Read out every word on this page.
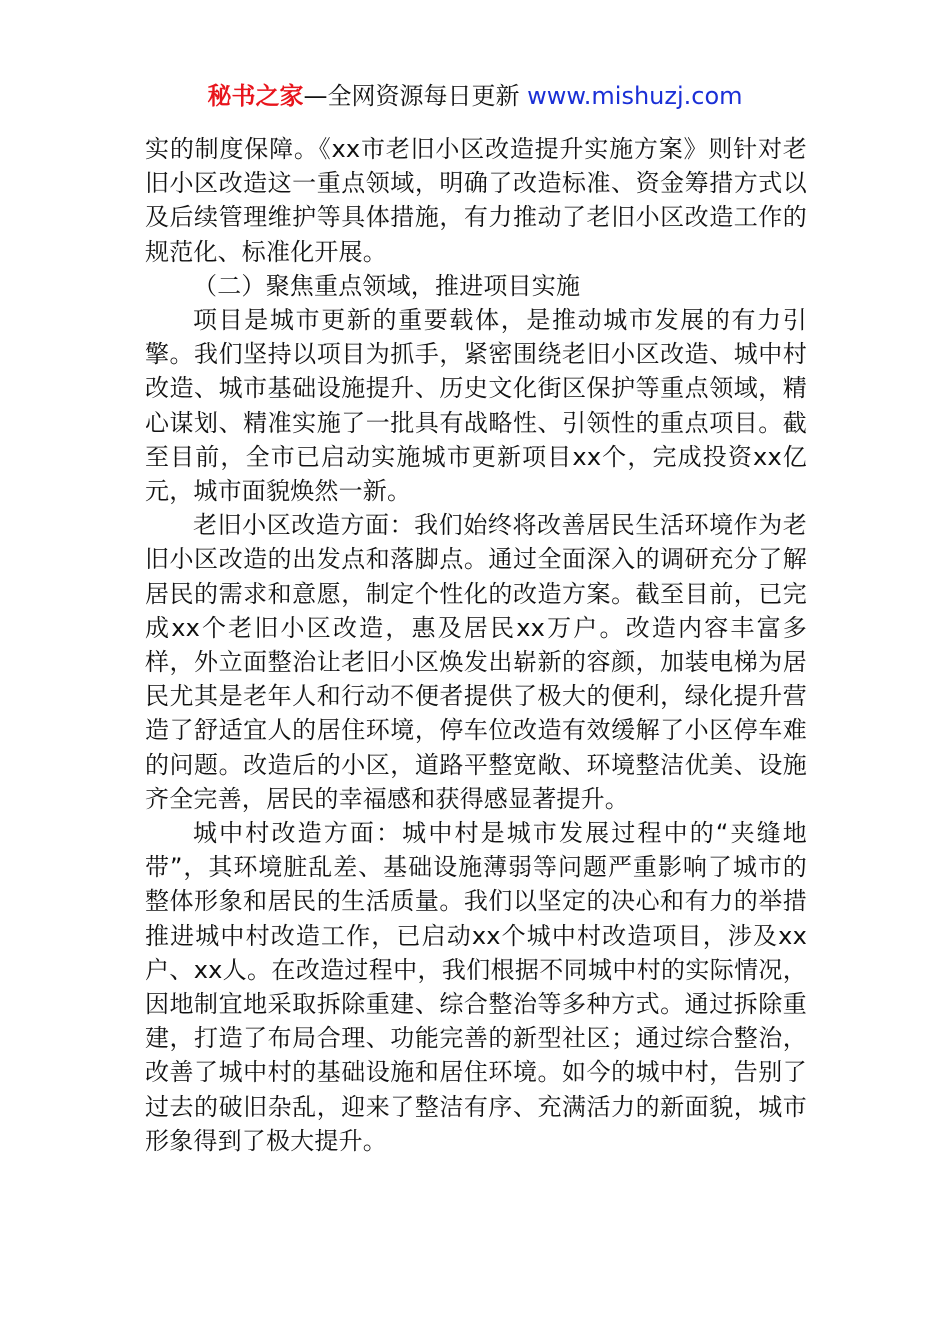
秘书之家—全网资源每日更新 www.mishuzj.com

实的制度保障。《xx市老旧小区改造提升实施方案》则针对老旧小区改造这一重点领域，明确了改造标准、资金筹措方式以及后续管理维护等具体措施，有力推动了老旧小区改造工作的规范化、标准化开展。

（二）聚焦重点领域，推进项目实施

项目是城市更新的重要载体，是推动城市发展的有力引擎。我们坚持以项目为抓手，紧密围绕老旧小区改造、城中村改造、城市基础设施提升、历史文化街区保护等重点领域，精心谋划、精准实施了一批具有战略性、引领性的重点项目。截至目前，全市已启动实施城市更新项目xx个，完成投资xx亿元，城市面貌焕然一新。

老旧小区改造方面：我们始终将改善居民生活环境作为老旧小区改造的出发点和落脚点。通过全面深入的调研充分了解居民的需求和意愿，制定个性化的改造方案。截至目前，已完成xx个老旧小区改造，惠及居民xx万户。改造内容丰富多样，外立面整治让老旧小区焕发出崭新的容颜，加装电梯为居民尤其是老年人和行动不便者提供了极大的便利，绿化提升营造了舒适宜人的居住环境，停车位改造有效缓解了小区停车难的问题。改造后的小区，道路平整宽敞、环境整洁优美、设施齐全完善，居民的幸福感和获得感显著提升。

城中村改造方面：城中村是城市发展过程中的“夹缝地带”，其环境脏乱差、基础设施薄弱等问题严重影响了城市的整体形象和居民的生活质量。我们以坚定的决心和有力的举措推进城中村改造工作，已启动xx个城中村改造项目，涉及xx户、xx人。在改造过程中，我们根据不同城中村的实际情况，因地制宜地采取拆除重建、综合整治等多种方式。通过拆除重建，打造了布局合理、功能完善的新型社区；通过综合整治，改善了城中村的基础设施和居住环境。如今的城中村，告别了过去的破旧杂乱，迎来了整洁有序、充满活力的新面貌，城市形象得到了极大提升。
